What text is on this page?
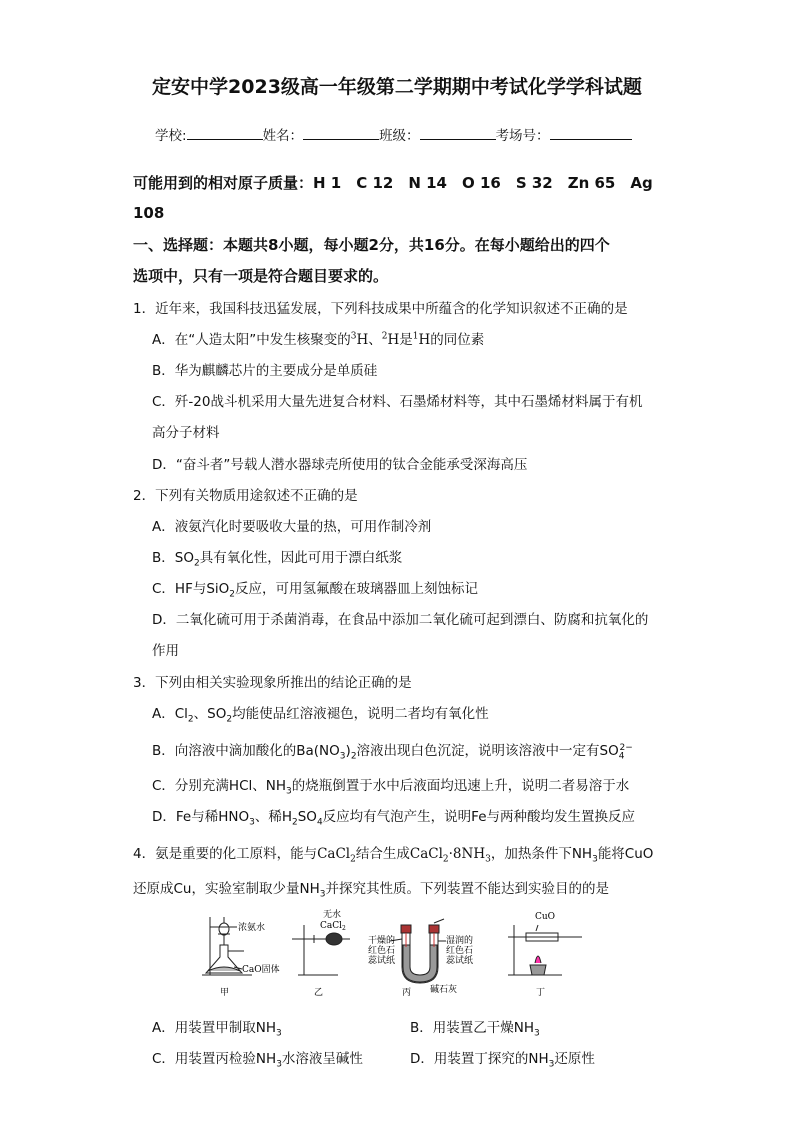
定安中学2023级高一年级第二学期期中考试化学学科试题
学校:	姓名：	班级：	考场号：
可能用到的相对原子质量：H 1　C 12　N 14　O 16　S 32　Zn 65　Ag
108
一、选择题：本题共8小题，每小题2分，共16分。在每小题给出的四个
选项中，只有一项是符合题目要求的。
1．近年来，我国科技迅猛发展，下列科技成果中所蕴含的化学知识叙述不正确的是
A．在“人造太阳”中发生核聚变的$^3$H、$^2$H是$^1$H的同位素
B．华为麒麟芯片的主要成分是单质硅
C．歼-20战斗机采用大量先进复合材料、石墨烯材料等，其中石墨烯材料属于有机
高分子材料
D．“奋斗者”号载人潜水器球壳所使用的钛合金能承受深海高压
2．下列有关物质用途叙述不正确的是
A．液氨汽化时要吸收大量的热，可用作制冷剂
B．$SO_2$具有氧化性，因此可用于漂白纸浆
C．HF与SiO$_2$反应，可用氢氟酸在玻璃器皿上刻蚀标记
D．二氧化硫可用于杀菌消毒，在食品中添加二氧化硫可起到漂白、防腐和抗氧化的
作用
3．下列由相关实验现象所推出的结论正确的是
A．$Cl_2$、$SO_2$均能使品红溶液褪色，说明二者均有氧化性
B．向溶液中滴加酸化的$Ba(NO_3)_2$溶液出现白色沉淀，说明该溶液中一定有$SO_4^{2-}$
C．分别充满HCl、$NH_3$的烧瓶倒置于水中后液面均迅速上升，说明二者易溶于水
D．Fe与稀$HNO_3$、稀$H_2SO_4$反应均有气泡产生，说明Fe与两种酸均发生置换反应
4．氨是重要的化工原料，能与CaCl$_2$结合生成$CaCl_2\cdot 8NH_3$，加热条件下$NH_3$能将CuO
还原成Cu，实验室制取少量$NH_3$并探究其性质。下列装置不能达到实验目的的是
浓氨水
CaO固体
甲
无水
CaCl$_2$
乙
干燥的
红色石
蕊试纸
湿润的
红色石
蕊试纸
碱石灰
丙
CuO
丁
A．用装置甲制取$NH_3$	B．用装置乙干燥$NH_3$
C．用装置丙检验$NH_3$水溶液呈碱性	D．用装置丁探究的$NH_3$还原性
